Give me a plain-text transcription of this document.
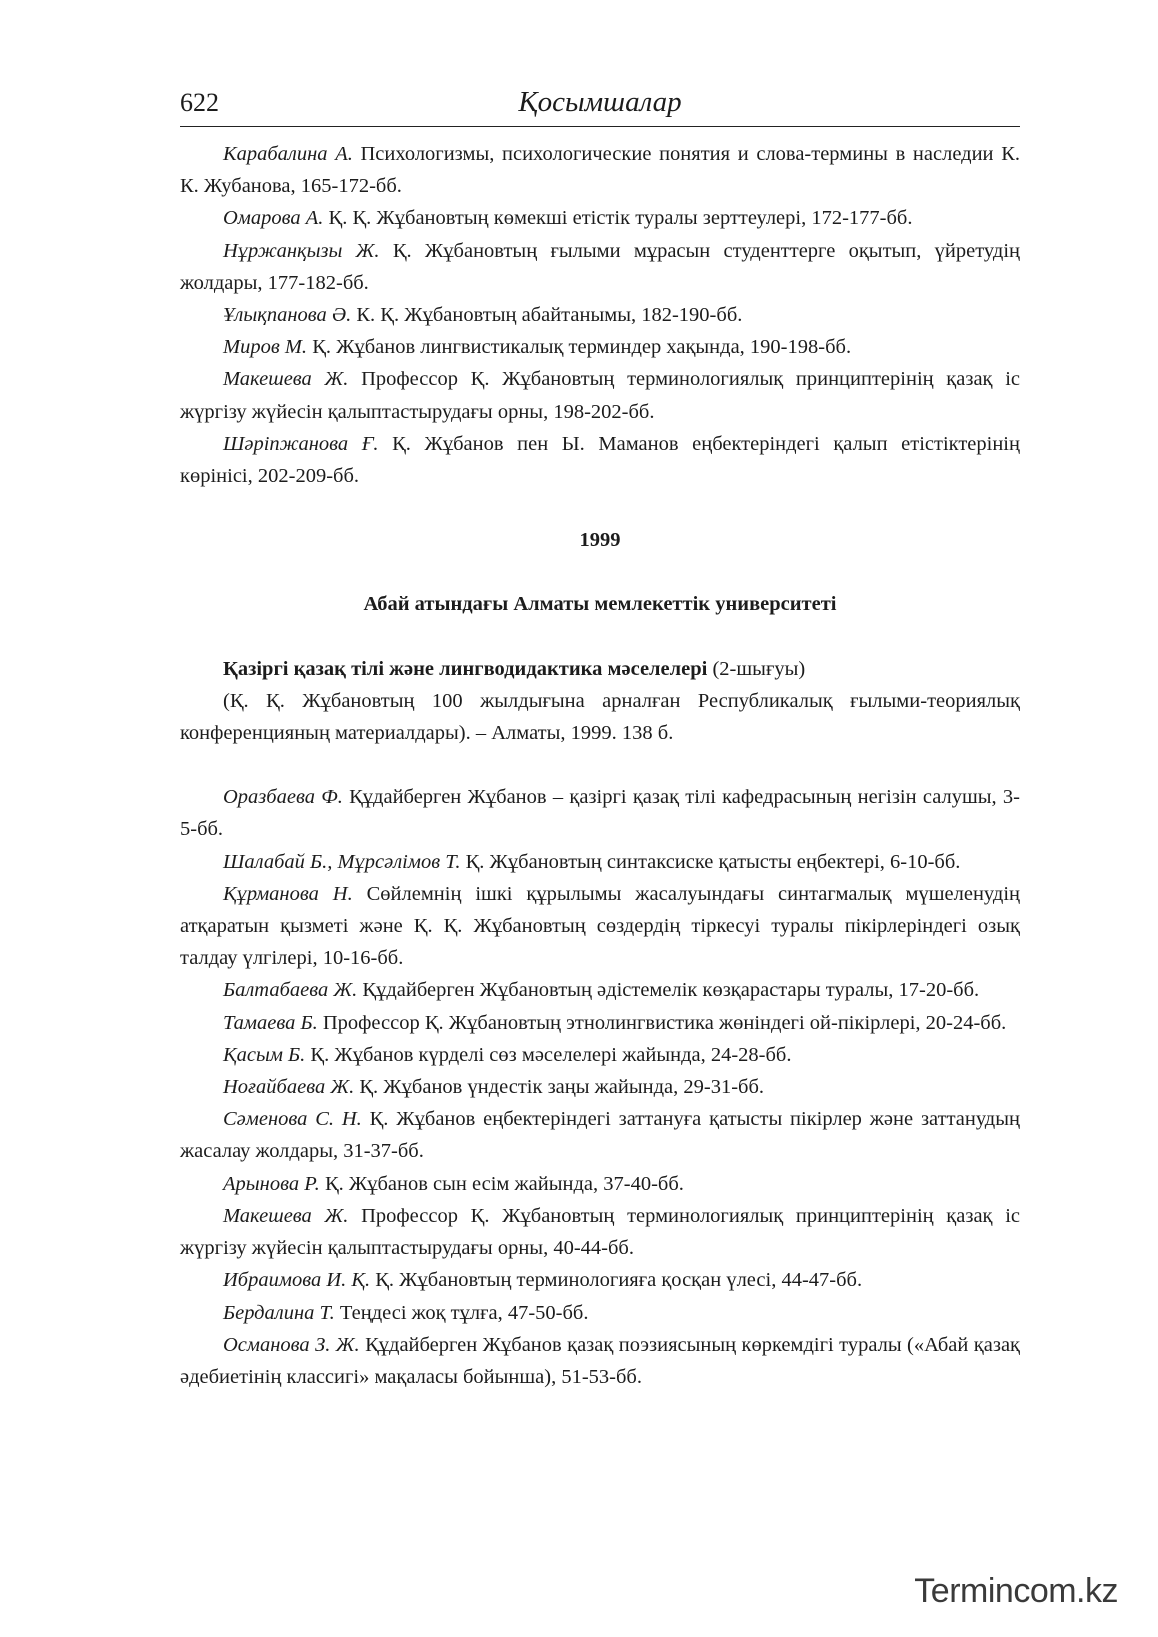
622	Қосымшалар

Карабалина А. Психологизмы, психологические понятия и слова-термины в наследии К. К. Жубанова, 165-172-бб.

Омарова А. Қ. Қ. Жұбановтың көмекші етістік туралы зерттеулері, 172-177-бб.

Нұржанқызы Ж. Қ. Жұбановтың ғылыми мұрасын студенттерге оқытып, үйретудің жолдары, 177-182-бб.

Ұлықпанова Ә. К. Қ. Жұбановтың абайтанымы, 182-190-бб.

Миров М. Қ. Жұбанов лингвистикалық терминдер хақында, 190-198-бб.

Макешева Ж. Профессор Қ. Жұбановтың терминологиялық принциптерінің қазақ іс жүргізу жүйесін қалыптастырудағы орны, 198-202-бб.

Шәріпжанова Ғ. Қ. Жұбанов пен Ы. Маманов еңбектеріндегі қалып етістіктерінің көрінісі, 202-209-бб.

1999

Абай атындағы Алматы мемлекеттік университеті

Қазіргі қазақ тілі және лингводидактика мәселелері (2-шығуы)

(Қ. Қ. Жұбановтың 100 жылдығына арналған Республикалық ғылыми-теориялық конференцияның материалдары). – Алматы, 1999. 138 б.

Оразбаева Ф. Құдайберген Жұбанов – қазіргі қазақ тілі кафедрасының негізін салушы, 3-5-бб.

Шалабай Б., Мұрсәлімов Т. Қ. Жұбановтың синтаксиске қатысты еңбектері, 6-10-бб.

Құрманова Н. Сөйлемнің ішкі құрылымы жасалуындағы синтагмалық мүшеленудің атқаратын қызметі және Қ. Қ. Жұбановтың сөздердің тіркесуі туралы пікірлеріндегі озық талдау үлгілері, 10-16-бб.

Балтабаева Ж. Құдайберген Жұбановтың әдістемелік көзқарастары туралы, 17-20-бб.

Тамаева Б. Профессор Қ. Жұбановтың этнолингвистика жөніндегі ой-пікірлері, 20-24-бб.

Қасым Б. Қ. Жұбанов күрделі сөз мәселелері жайында, 24-28-бб.

Ноғайбаева Ж. Қ. Жұбанов үндестік заңы жайында, 29-31-бб.

Сәменова С. Н. Қ. Жұбанов еңбектеріндегі заттануға қатысты пікірлер және заттанудың жасалау жолдары, 31-37-бб.

Арынова Р. Қ. Жұбанов сын есім жайында, 37-40-бб.

Макешева Ж. Профессор Қ. Жұбановтың терминологиялық принциптерінің қазақ іс жүргізу жүйесін қалыптастырудағы орны, 40-44-бб.

Ибраимова И. Қ. Қ. Жұбановтың терминологияға қосқан үлесі, 44-47-бб.

Бердалина Т. Теңдесі жоқ тұлға, 47-50-бб.

Османова З. Ж. Құдайберген Жұбанов қазақ поэзиясының көркемдігі туралы («Абай қазақ әдебиетінің классигі» мақаласы бойынша), 51-53-бб.

Termincom.kz
